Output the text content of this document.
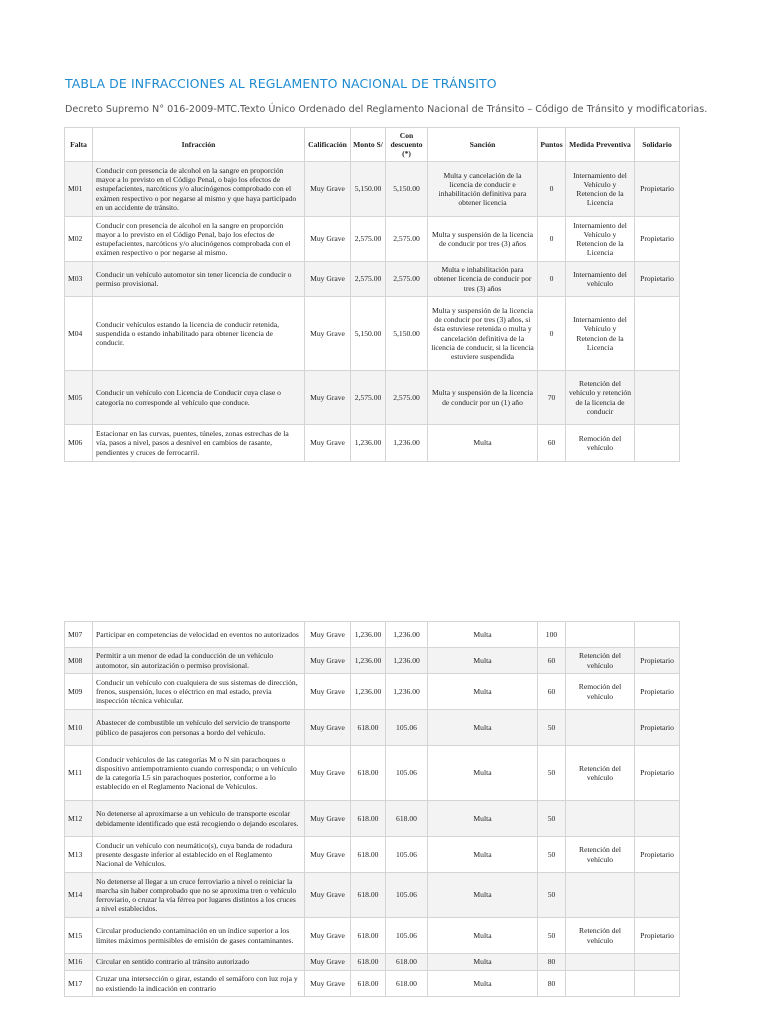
TABLA DE INFRACCIONES AL REGLAMENTO NACIONAL DE TRÁNSITO
Decreto Supremo N° 016-2009-MTC.Texto Único Ordenado del Reglamento Nacional de Tránsito – Código de Tránsito y modificatorias.
Falta	Infracción	Calificación	Monto S/	Con descuento (*)	Sanción	Puntos	Medida Preventiva	Solidario
M01	Conducir con presencia de alcohol en la sangre en proporción mayor a lo previsto en el Código Penal, o bajo los efectos de estupefacientes, narcóticos y/o alucinógenos comprobado con el exámen respectivo o por negarse al mismo y que haya participado en un accidente de tránsito.	Muy Grave	5,150.00	5,150.00	Multa y cancelación de la licencia de conducir e inhabilitación definitiva para obtener licencia	0	Internamiento del Vehículo y Retencion de la Licencia	Propietario
M02	Conducir con presencia de alcohol en la sangre en proporción mayor a lo previsto en el Código Penal, bajo los efectos de estupefacientes, narcóticos y/o alucinógenos comprobada con el exámen respectivo o por negarse al mismo.	Muy Grave	2,575.00	2,575.00	Multa y suspensión de la licencia de conducir por tres (3) años	0	Internamiento del Vehículo y Retencion de la Licencia	Propietario
M03	Conducir un vehículo automotor sin tener licencia de conducir o permiso provisional.	Muy Grave	2,575.00	2,575.00	Multa e inhabilitación para obtener licencia de conducir por tres (3) años	0	Internamiento del vehículo	Propietario
M04	Conducir vehículos estando la licencia de conducir retenida, suspendida o estando inhabilitado para obtener licencia de conducir.	Muy Grave	5,150.00	5,150.00	Multa y suspensión de la licencia de conducir por tres (3) años, si ésta estuviese retenida o multa y cancelación definitiva de la licencia de conducir, si la licencia estuviere suspendida	0	Internamiento del Vehículo y Retencion de la Licencia	
M05	Conducir un vehículo con Licencia de Conducir cuya clase o categoría no corresponde al vehículo que conduce.	Muy Grave	2,575.00	2,575.00	Multa y suspensión de la licencia de conducir por un (1) año	70	Retención del vehículo y retención de la licencia de conducir	
M06	Estacionar en las curvas, puentes, túneles, zonas estrechas de la vía, pasos a nivel, pasos a desnivel en cambios de rasante, pendientes y cruces de ferrocarril.	Muy Grave	1,236.00	1,236.00	Multa	60	Remoción del vehículo	
M07	Participar en competencias de velocidad en eventos no autorizados	Muy Grave	1,236.00	1,236.00	Multa	100		
M08	Permitir a un menor de edad la conducción de un vehículo automotor, sin autorización o permiso provisional.	Muy Grave	1,236.00	1,236.00	Multa	60	Retención del vehículo	Propietario
M09	Conducir un vehículo con cualquiera de sus sistemas de dirección, frenos, suspensión, luces o eléctrico en mal estado, previa inspección técnica vehicular.	Muy Grave	1,236.00	1,236.00	Multa	60	Remoción del vehículo	Propietario
M10	Abastecer de combustible un vehículo del servicio de transporte público de pasajeros con personas a bordo del vehículo.	Muy Grave	618.00	105.06	Multa	50		Propietario
M11	Conducir vehículos de las categorías M o N sin parachoques o dispositivo antiempotramiento cuando corresponda; o un vehículo de la categoría L5 sin parachoques posterior, conforme a lo establecido en el Reglamento Nacional de Vehículos.	Muy Grave	618.00	105.06	Multa	50	Retención del vehículo	Propietario
M12	No detenerse al aproximarse a un vehículo de transporte escolar debidamente identificado que está recogiendo o dejando escolares.	Muy Grave	618.00	618.00	Multa	50		
M13	Conducir un vehículo con neumático(s), cuya banda de rodadura presente desgaste inferior al establecido en el Reglamento Nacional de Vehículos.	Muy Grave	618.00	105.06	Multa	50	Retención del vehículo	Propietario
M14	No detenerse al llegar a un cruce ferroviario a nivel o reiniciar la marcha sin haber comprobado que no se aproxima tren o vehículo ferroviario, o cruzar la vía férrea por lugares distintos a los cruces a nivel establecidos.	Muy Grave	618.00	105.06	Multa	50		
M15	Circular produciendo contaminación en un índice superior a los límites máximos permisibles de emisión de gases contaminantes.	Muy Grave	618.00	105.06	Multa	50	Retención del vehículo	Propietario
M16	Circular en sentido contrario al tránsito autorizado	Muy Grave	618.00	618.00	Multa	80		
M17	Cruzar una intersección o girar, estando el semáforo con luz roja y no existiendo la indicación en contrario	Muy Grave	618.00	618.00	Multa	80		
